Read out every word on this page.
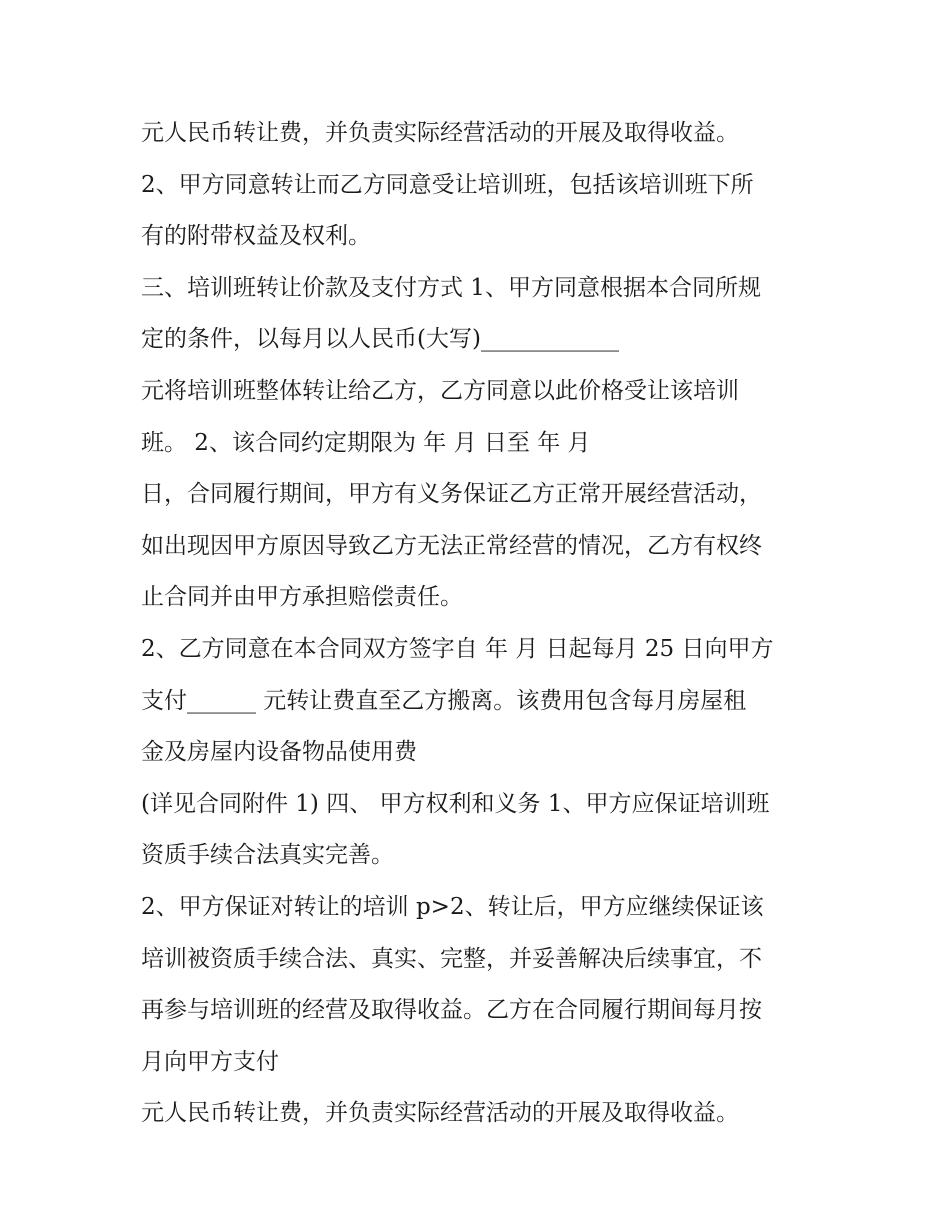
元人民币转让费，并负责实际经营活动的开展及取得收益。
2、甲方同意转让而乙方同意受让培训班，包括该培训班下所
有的附带权益及权利。
三、培训班转让价款及支付方式 1、甲方同意根据本合同所规
定的条件，以每月以人民币(大写)____________
元将培训班整体转让给乙方，乙方同意以此价格受让该培训
班。 2、该合同约定期限为 年 月 日至 年 月
日，合同履行期间，甲方有义务保证乙方正常开展经营活动，
如出现因甲方原因导致乙方无法正常经营的情况，乙方有权终
止合同并由甲方承担赔偿责任。
2、乙方同意在本合同双方签字自 年 月 日起每月 25 日向甲方
支付______ 元转让费直至乙方搬离。该费用包含每月房屋租
金及房屋内设备物品使用费
(详见合同附件 1) 四、 甲方权利和义务 1、甲方应保证培训班
资质手续合法真实完善。
2、甲方保证对转让的培训 p>2、转让后，甲方应继续保证该
培训被资质手续合法、真实、完整，并妥善解决后续事宜，不
再参与培训班的经营及取得收益。乙方在合同履行期间每月按
月向甲方支付
元人民币转让费，并负责实际经营活动的开展及取得收益。
